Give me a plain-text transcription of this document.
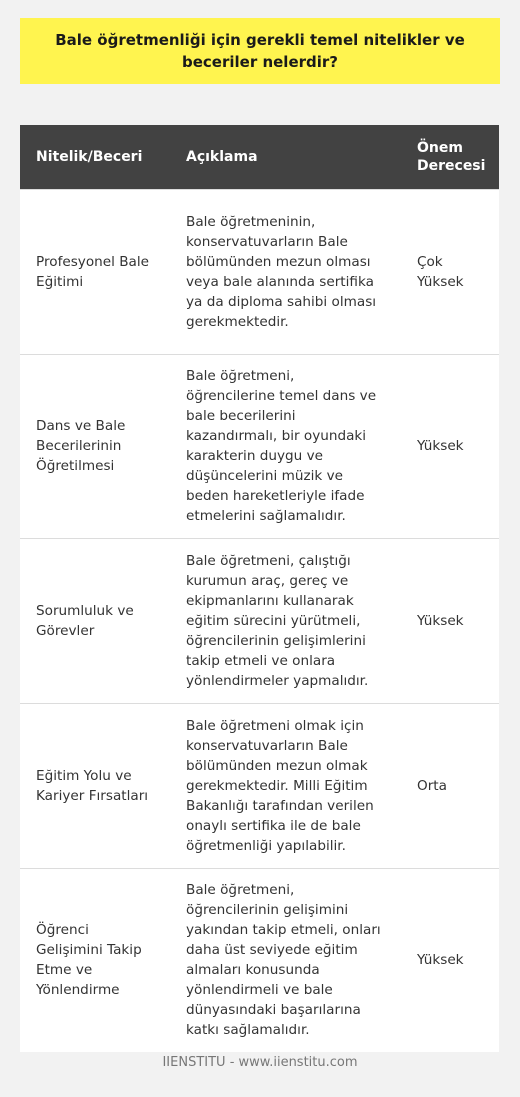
Bale öğretmenliği için gerekli temel nitelikler ve beceriler nelerdir?
Nitelik/Beceri	Açıklama	Önem Derecesi
Profesyonel Bale Eğitimi	Bale öğretmeninin, konservatuvarların Bale bölümünden mezun olması veya bale alanında sertifika ya da diploma sahibi olması gerekmektedir.	Çok Yüksek
Dans ve Bale Becerilerinin Öğretilmesi	Bale öğretmeni, öğrencilerine temel dans ve bale becerilerini kazandırmalı, bir oyundaki karakterin duygu ve düşüncelerini müzik ve beden hareketleriyle ifade etmelerini sağlamalıdır.	Yüksek
Sorumluluk ve Görevler	Bale öğretmeni, çalıştığı kurumun araç, gereç ve ekipmanlarını kullanarak eğitim sürecini yürütmeli, öğrencilerinin gelişimlerini takip etmeli ve onlara yönlendirmeler yapmalıdır.	Yüksek
Eğitim Yolu ve Kariyer Fırsatları	Bale öğretmeni olmak için konservatuvarların Bale bölümünden mezun olmak gerekmektedir. Milli Eğitim Bakanlığı tarafından verilen onaylı sertifika ile de bale öğretmenliği yapılabilir.	Orta
Öğrenci Gelişimini Takip Etme ve Yönlendirme	Bale öğretmeni, öğrencilerinin gelişimini yakından takip etmeli, onları daha üst seviyede eğitim almaları konusunda yönlendirmeli ve bale dünyasındaki başarılarına katkı sağlamalıdır.	Yüksek
IIENSTITU - www.iienstitu.com
